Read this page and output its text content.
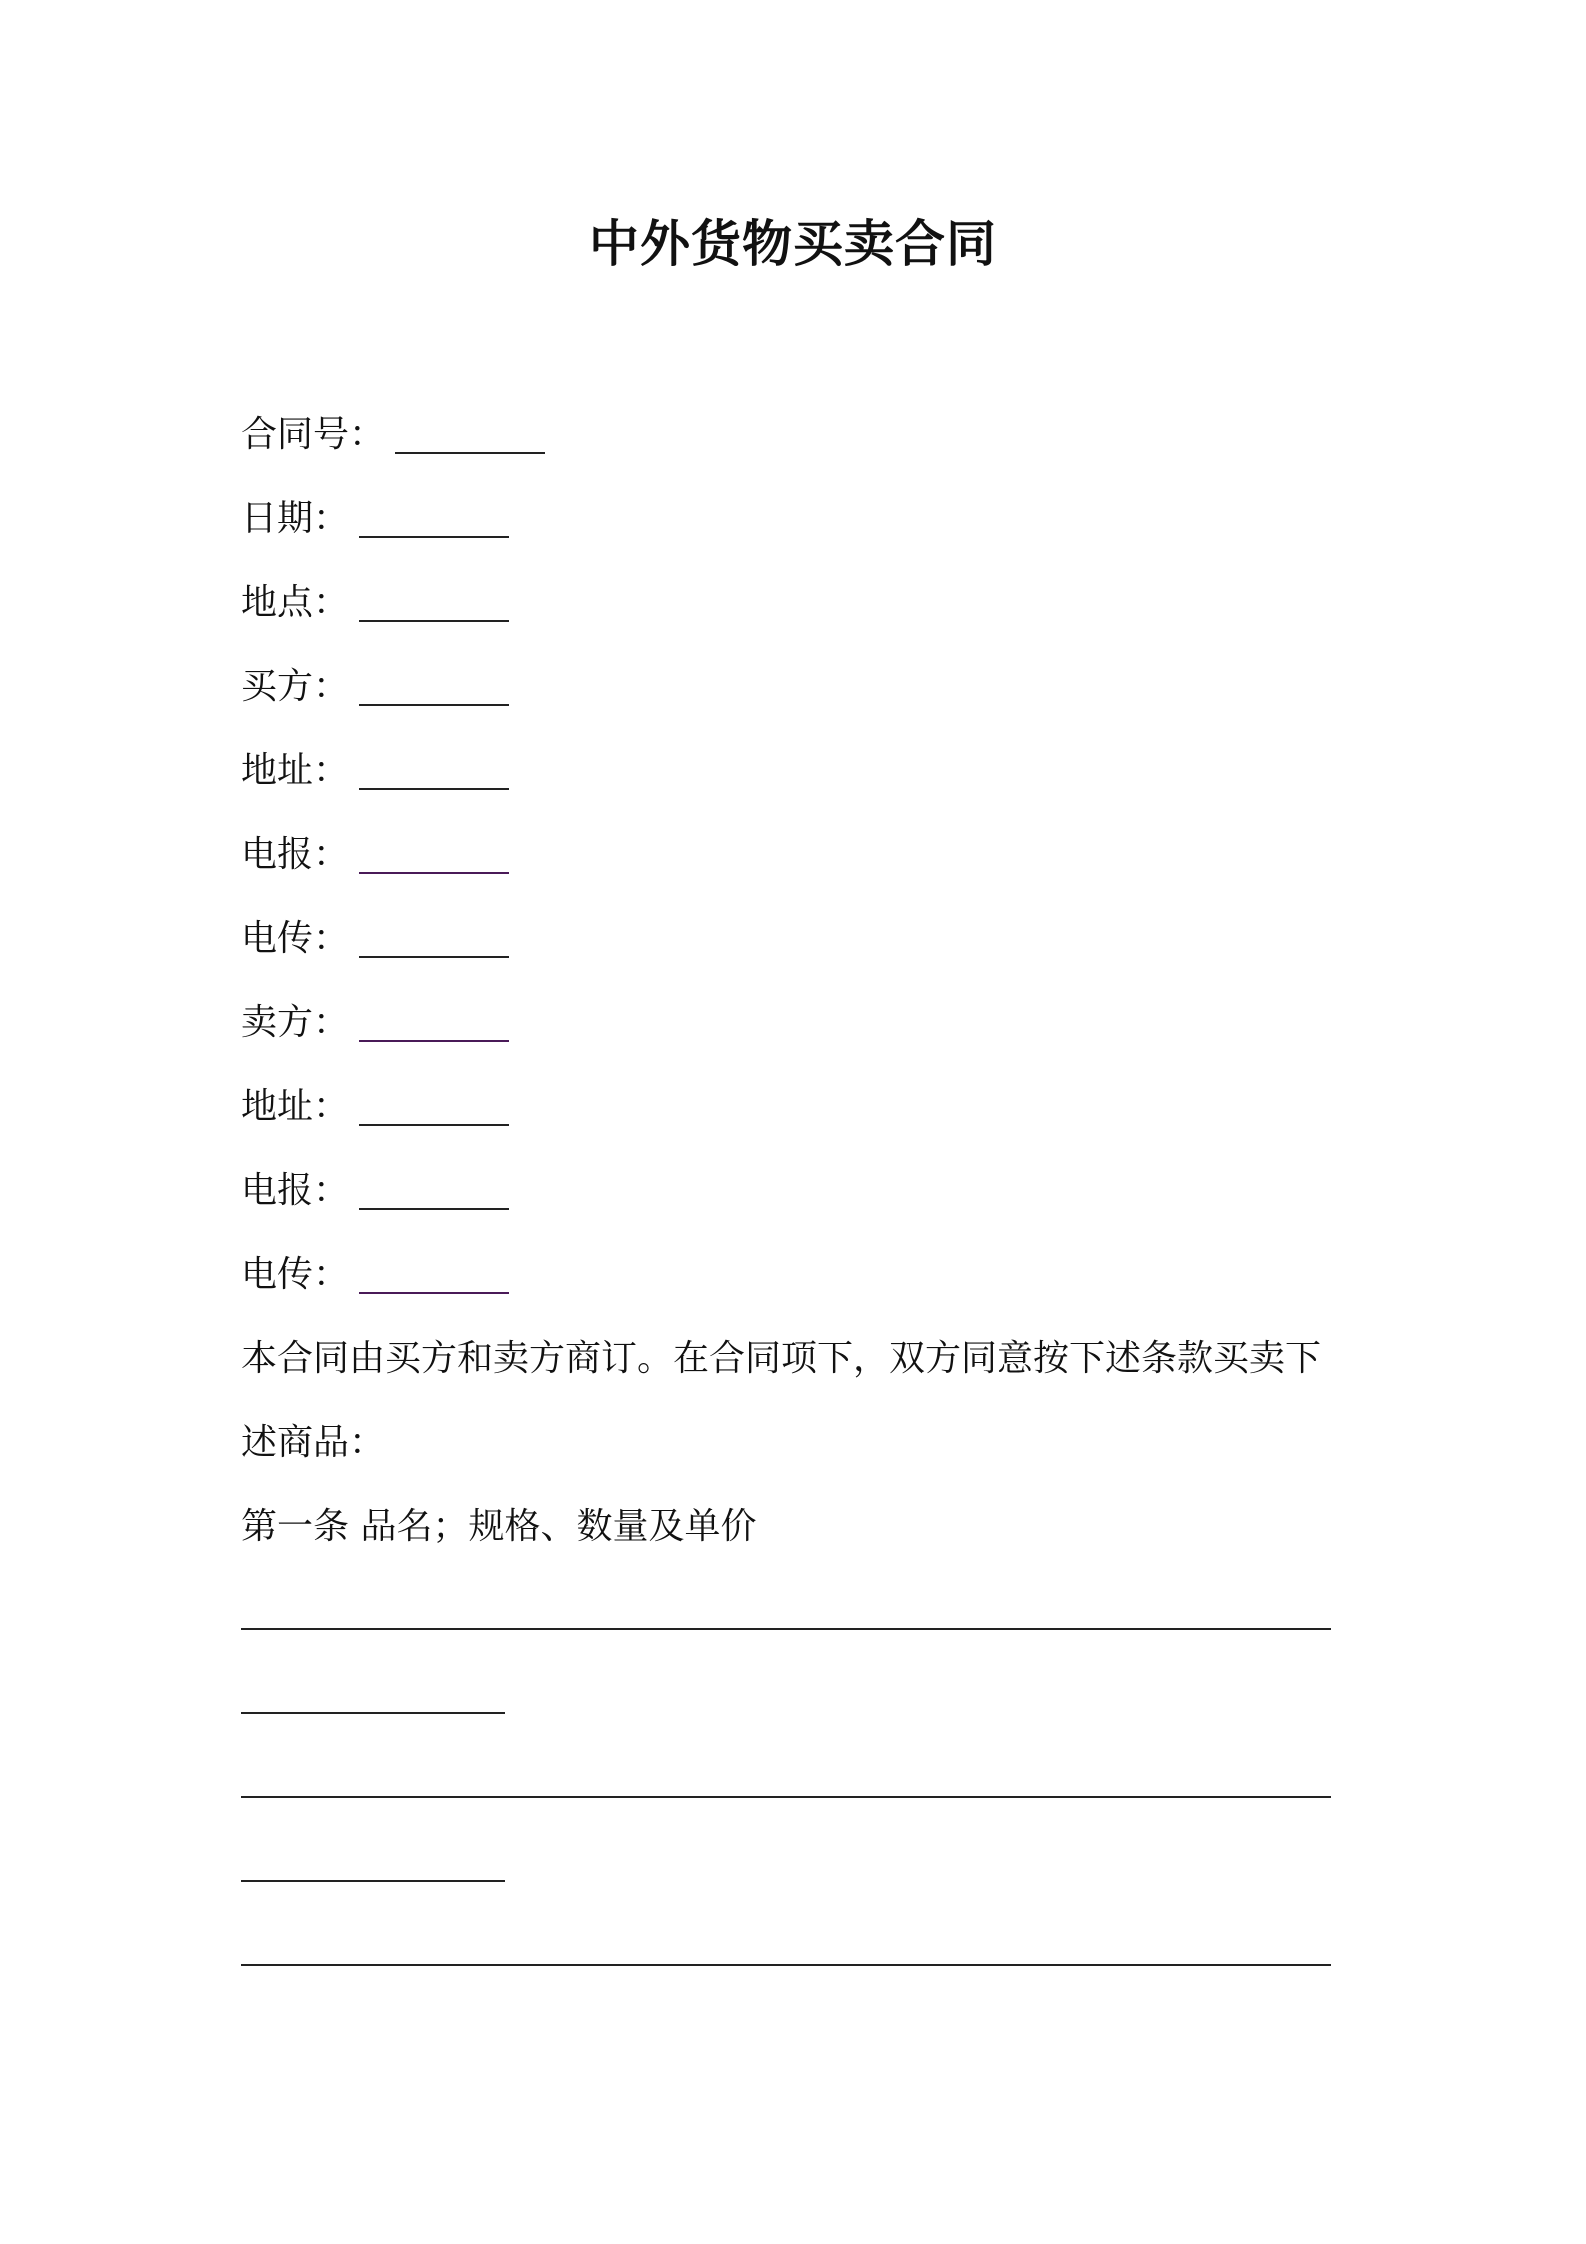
中外货物买卖合同
合同号：
日期：
地点：
买方：
地址：
电报：
电传：
卖方：
地址：
电报：
电传：
本合同由买方和卖方商订。在合同项下，双方同意按下述条款买卖下
述商品：
第一条 品名；规格、数量及单价
